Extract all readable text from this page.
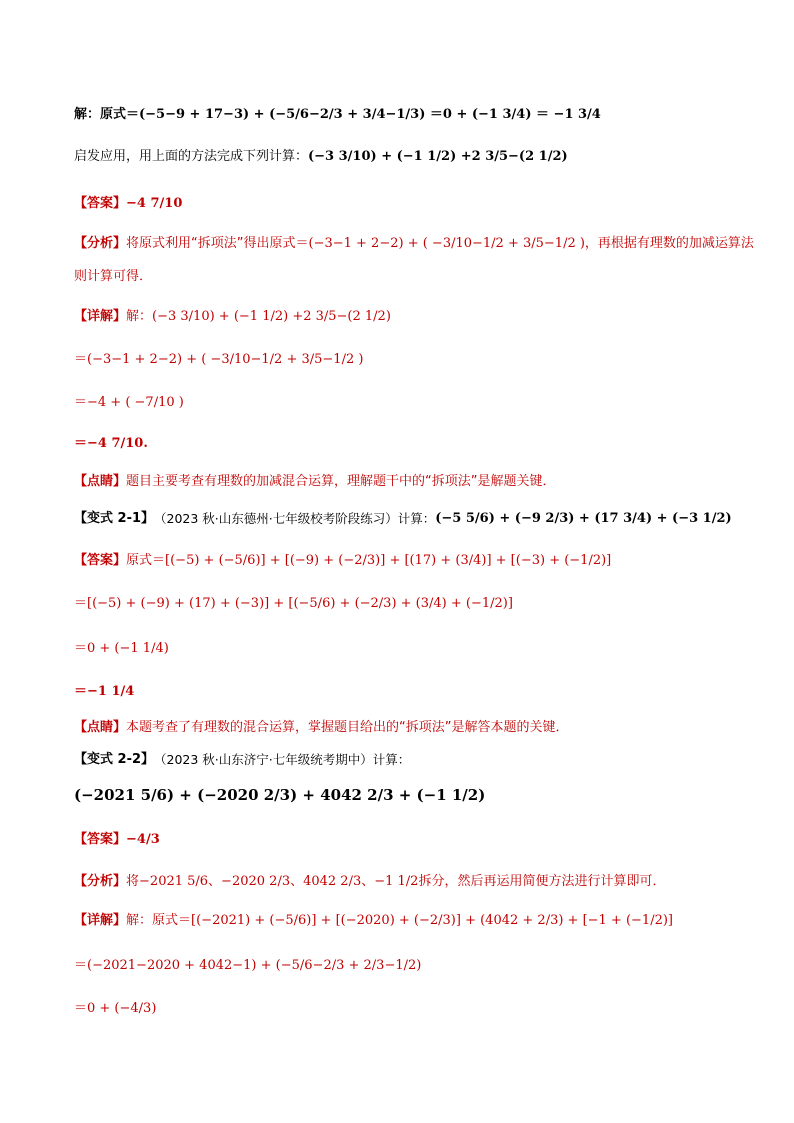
解：原式＝(−5−9 + 17−3) + (−5/6−2/3 + 3/4−1/3) ＝0 + (−1 3/4) ＝ −1 3/4
启发应用，用上面的方法完成下列计算： (−3 3/10) + (−1 1/2) +2 3/5−(2 1/2)
【答案】 −4 7/10
【分析】 将原式利用“拆项法”得出原式＝ (−3−1 + 2−2) + ( −3/10−1/2 + 3/5−1/2 ) ，再根据有理数的加减运算法
则计算可得．
【详解】 解： (−3 3/10) + (−1 1/2) +2 3/5−(2 1/2)
＝(−3−1 + 2−2) + ( −3/10−1/2 + 3/5−1/2 )
＝−4 + ( −7/10 )
＝−4 7/10.
【点睛】 题目主要考查有理数的加减混合运算，理解题干中的“拆项法”是解题关键．
【变式 2-1】 （2023 秋·山东德州·七年级校考阶段练习）计算： (−5 5/6) + (−9 2/3) + (17 3/4) + (−3 1/2)
【答案】 原式＝ [(−5) + (−5/6)] + [(−9) + (−2/3)] + [(17) + (3/4)] + [(−3) + (−1/2)]
＝[(−5) + (−9) + (17) + (−3)] + [(−5/6) + (−2/3) + (3/4) + (−1/2)]
＝0 + (−1 1/4)
＝−1 1/4
【点睛】 本题考查了有理数的混合运算，掌握题目给出的“拆项法”是解答本题的关键．
【变式 2-2】 （2023 秋·山东济宁·七年级统考期中）计算：
(−2021 5/6) + (−2020 2/3) + 4042 2/3 + (−1 1/2)
【答案】 −4/3
【分析】 将 −2021 5/6、−2020 2/3、4042 2/3、−1 1/2 拆分，然后再运用简便方法进行计算即可．
【详解】 解：原式＝ [(−2021) + (−5/6)] + [(−2020) + (−2/3)] + (4042 + 2/3) + [−1 + (−1/2)]
＝(−2021−2020 + 4042−1) + (−5/6−2/3 + 2/3−1/2)
＝0 + (−4/3)
